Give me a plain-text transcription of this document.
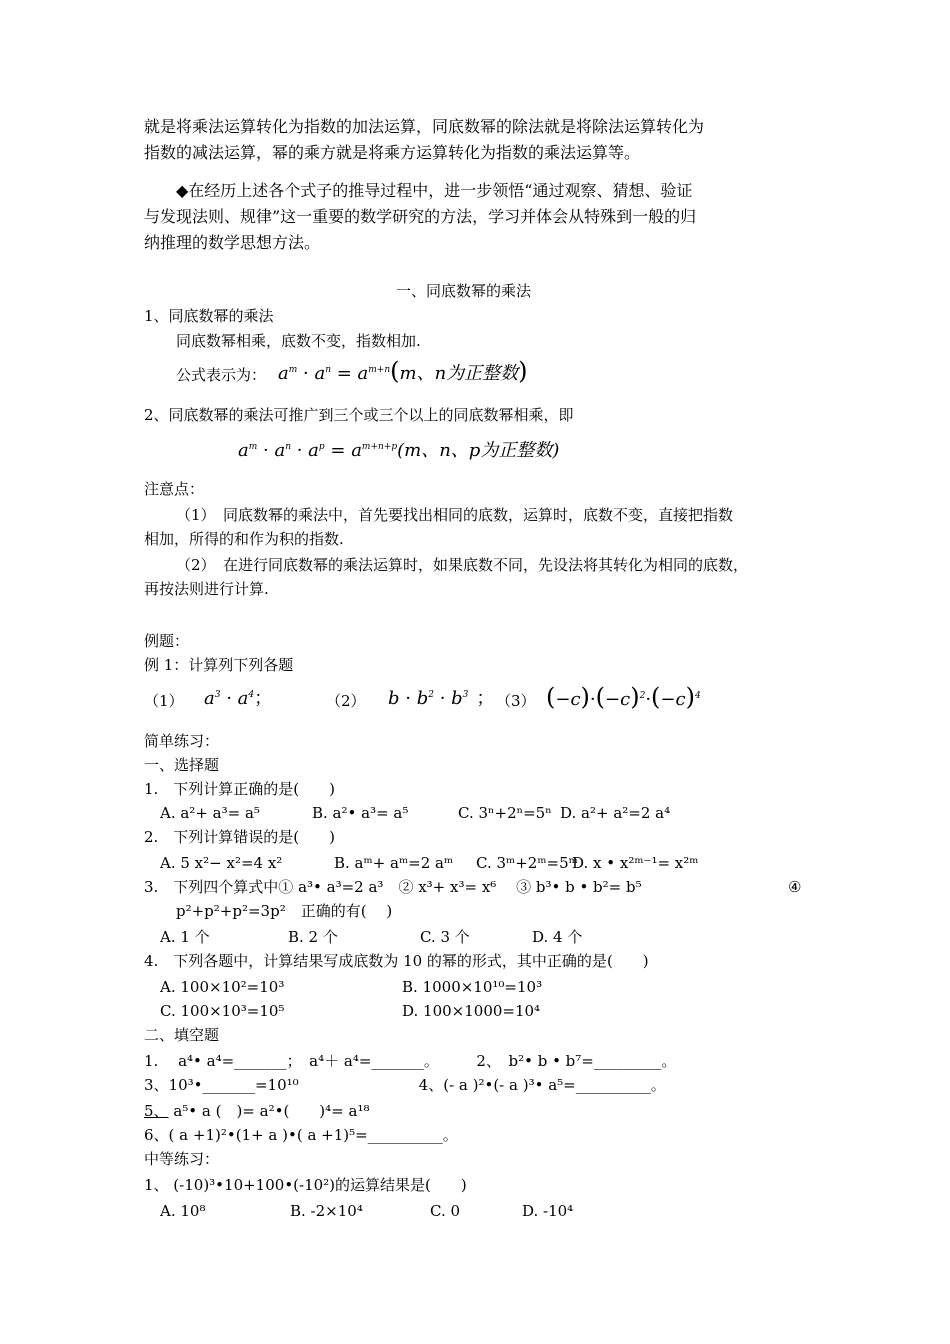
就是将乘法运算转化为指数的加法运算，同底数幂的除法就是将除法运算转化为
指数的减法运算，幂的乘方就是将乘方运算转化为指数的乘法运算等。
◆在经历上述各个式子的推导过程中，进一步领悟“通过观察、猜想、验证
与发现法则、规律”这一重要的数学研究的方法，学习并体会从特殊到一般的归
纳推理的数学思想方法。
一、同底数幂的乘法
1、同底数幂的乘法
同底数幂相乘，底数不变，指数相加.
公式表示为： $a^m \cdot a^n = a^{m+n}(m$、n为正整数)
2、同底数幂的乘法可推广到三个或三个以上的同底数幂相乘，即
$a^m \cdot a^n \cdot a^p = a^{m+n+p}(m$、n、p为正整数)
注意点：
（1）　同底数幂的乘法中，首先要找出相同的底数，运算时，底数不变，直接把指数
相加，所得的和作为积的指数.
（2）　在进行同底数幂的乘法运算时，如果底数不同，先设法将其转化为相同的底数，
再按法则进行计算.
例题：
例 1：计算列下列各题
（1） $a^3 \cdot a^4$；	（2） $b \cdot b^2 \cdot b^3$ ； （3） $(-c)\cdot(-c)^2\cdot(-c)^4$
简单练习：
一、选择题
1.　下列计算正确的是(　　)
A. a²+ a³= a⁵	B. a²• a³= a⁵	C. 3ⁿ+2ⁿ=5ⁿ D. a²+ a²=2 a⁴
2.　下列计算错误的是(　　)
A. 5 x²− x²=4 x²	B. aᵐ+ aᵐ=2 aᵐ C. 3ᵐ+2ᵐ=5ᵐ
D. x • x²ᵐ⁻¹= x²ᵐ
3.　下列四个算式中① a³• a³=2 a³　② x³+ x³= x⁶　 ③ b³• b • b²= b⁵	④
p²+p²+p²=3p²　正确的有(　 )
A. 1 个	B. 2 个	C. 3 个	D. 4 个
4.　下列各题中，计算结果写成底数为 10 的幂的形式，其中正确的是(　　)
A. 100×10²=10³	B. 1000×10¹⁰=10³
C. 100×10³=10⁵	D. 100×1000=10⁴
二、填空题
1.　 a⁴• a⁴=_______；　a⁴＋ a⁴=_______。　　　2、　b²• b • b⁷=_________。
3、10³•_______=10¹⁰　　　　　　　　4、(- a )²•(- a )³• a⁵=__________。
5、 a⁵• a (　)= a²•(　　)⁴= a¹⁸
6、( a +1)²•(1+ a )•( a +1)⁵=__________。
中等练习：
1、 (-10)³•10+100•(-10²)的运算结果是(　　)
A. 10⁸	B. -2×10⁴	C. 0	D. -10⁴
